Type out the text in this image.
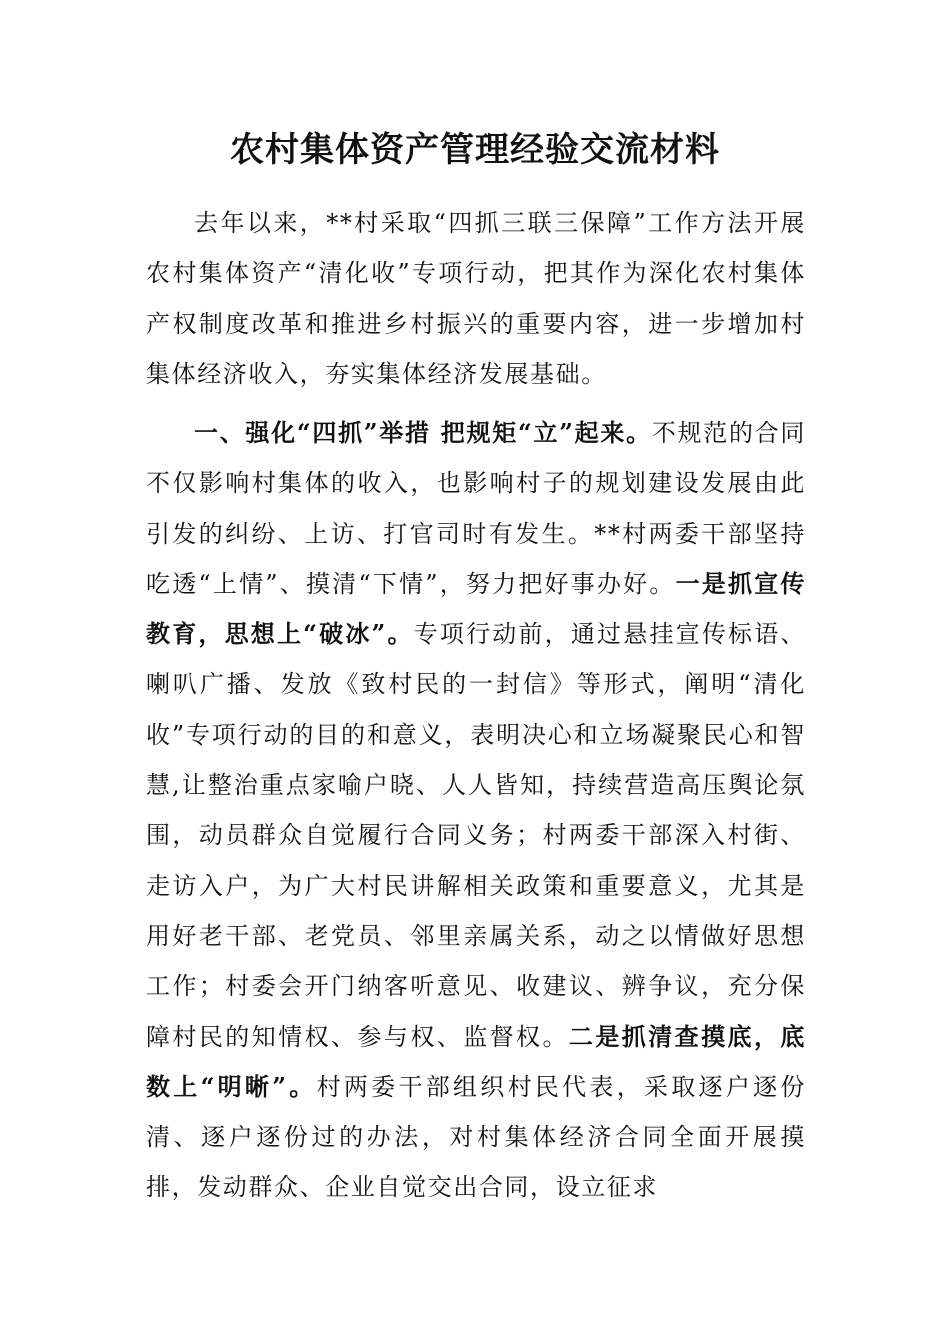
农村集体资产管理经验交流材料

去年以来，**村采取“四抓三联三保障”工作方法开展农村集体资产“清化收”专项行动，把其作为深化农村集体产权制度改革和推进乡村振兴的重要内容，进一步增加村集体经济收入，夯实集体经济发展基础。

一、强化“四抓”举措 把规矩“立”起来。不规范的合同不仅影响村集体的收入，也影响村子的规划建设发展由此引发的纠纷、上访、打官司时有发生。**村两委干部坚持吃透“上情”、摸清“下情”，努力把好事办好。一是抓宣传教育，思想上“破冰”。专项行动前，通过悬挂宣传标语、喇叭广播、发放《致村民的一封信》等形式，阐明“清化收”专项行动的目的和意义，表明决心和立场凝聚民心和智慧,让整治重点家喻户晓、人人皆知，持续营造高压舆论氛围，动员群众自觉履行合同义务；村两委干部深入村街、走访入户，为广大村民讲解相关政策和重要意义，尤其是用好老干部、老党员、邻里亲属关系，动之以情做好思想工作；村委会开门纳客听意见、收建议、辨争议，充分保障村民的知情权、参与权、监督权。二是抓清查摸底，底数上“明晰”。村两委干部组织村民代表，采取逐户逐份清、逐户逐份过的办法，对村集体经济合同全面开展摸排，发动群众、企业自觉交出合同，设立征求
